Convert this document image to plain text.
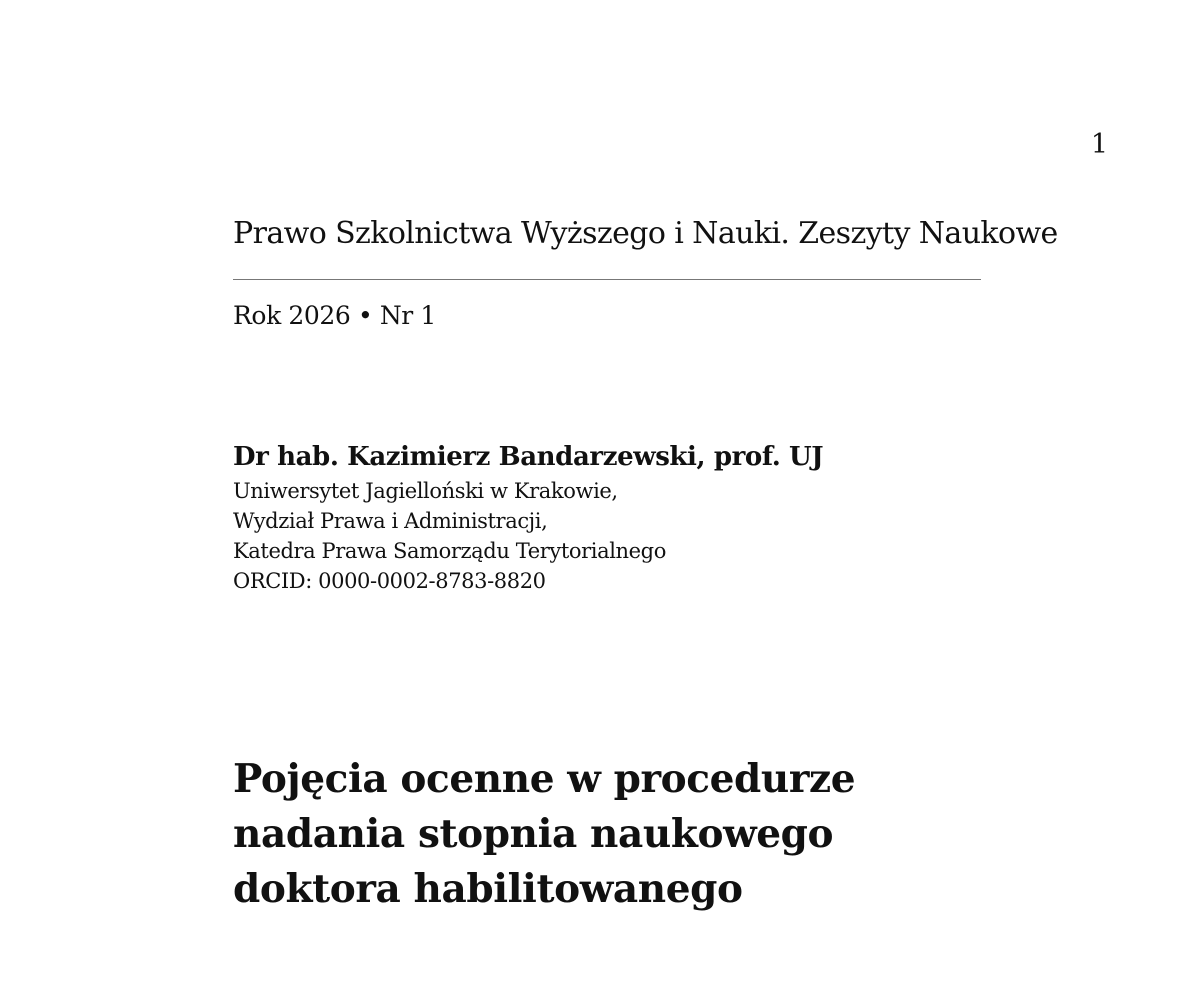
1
Prawo Szkolnictwa Wyższego i Nauki. Zeszyty Naukowe
Rok 2026 • Nr 1

Dr hab. Kazimierz Bandarzewski, prof. UJ

Uniwersytet Jagielloński w Krakowie,

Wydział Prawa i Administracji,

Katedra Prawa Samorządu Terytorialnego

ORCID: 0000-0002-8783-8820

Pojęcia ocenne w procedurze
nadania stopnia naukowego
doktora habilitowanego
